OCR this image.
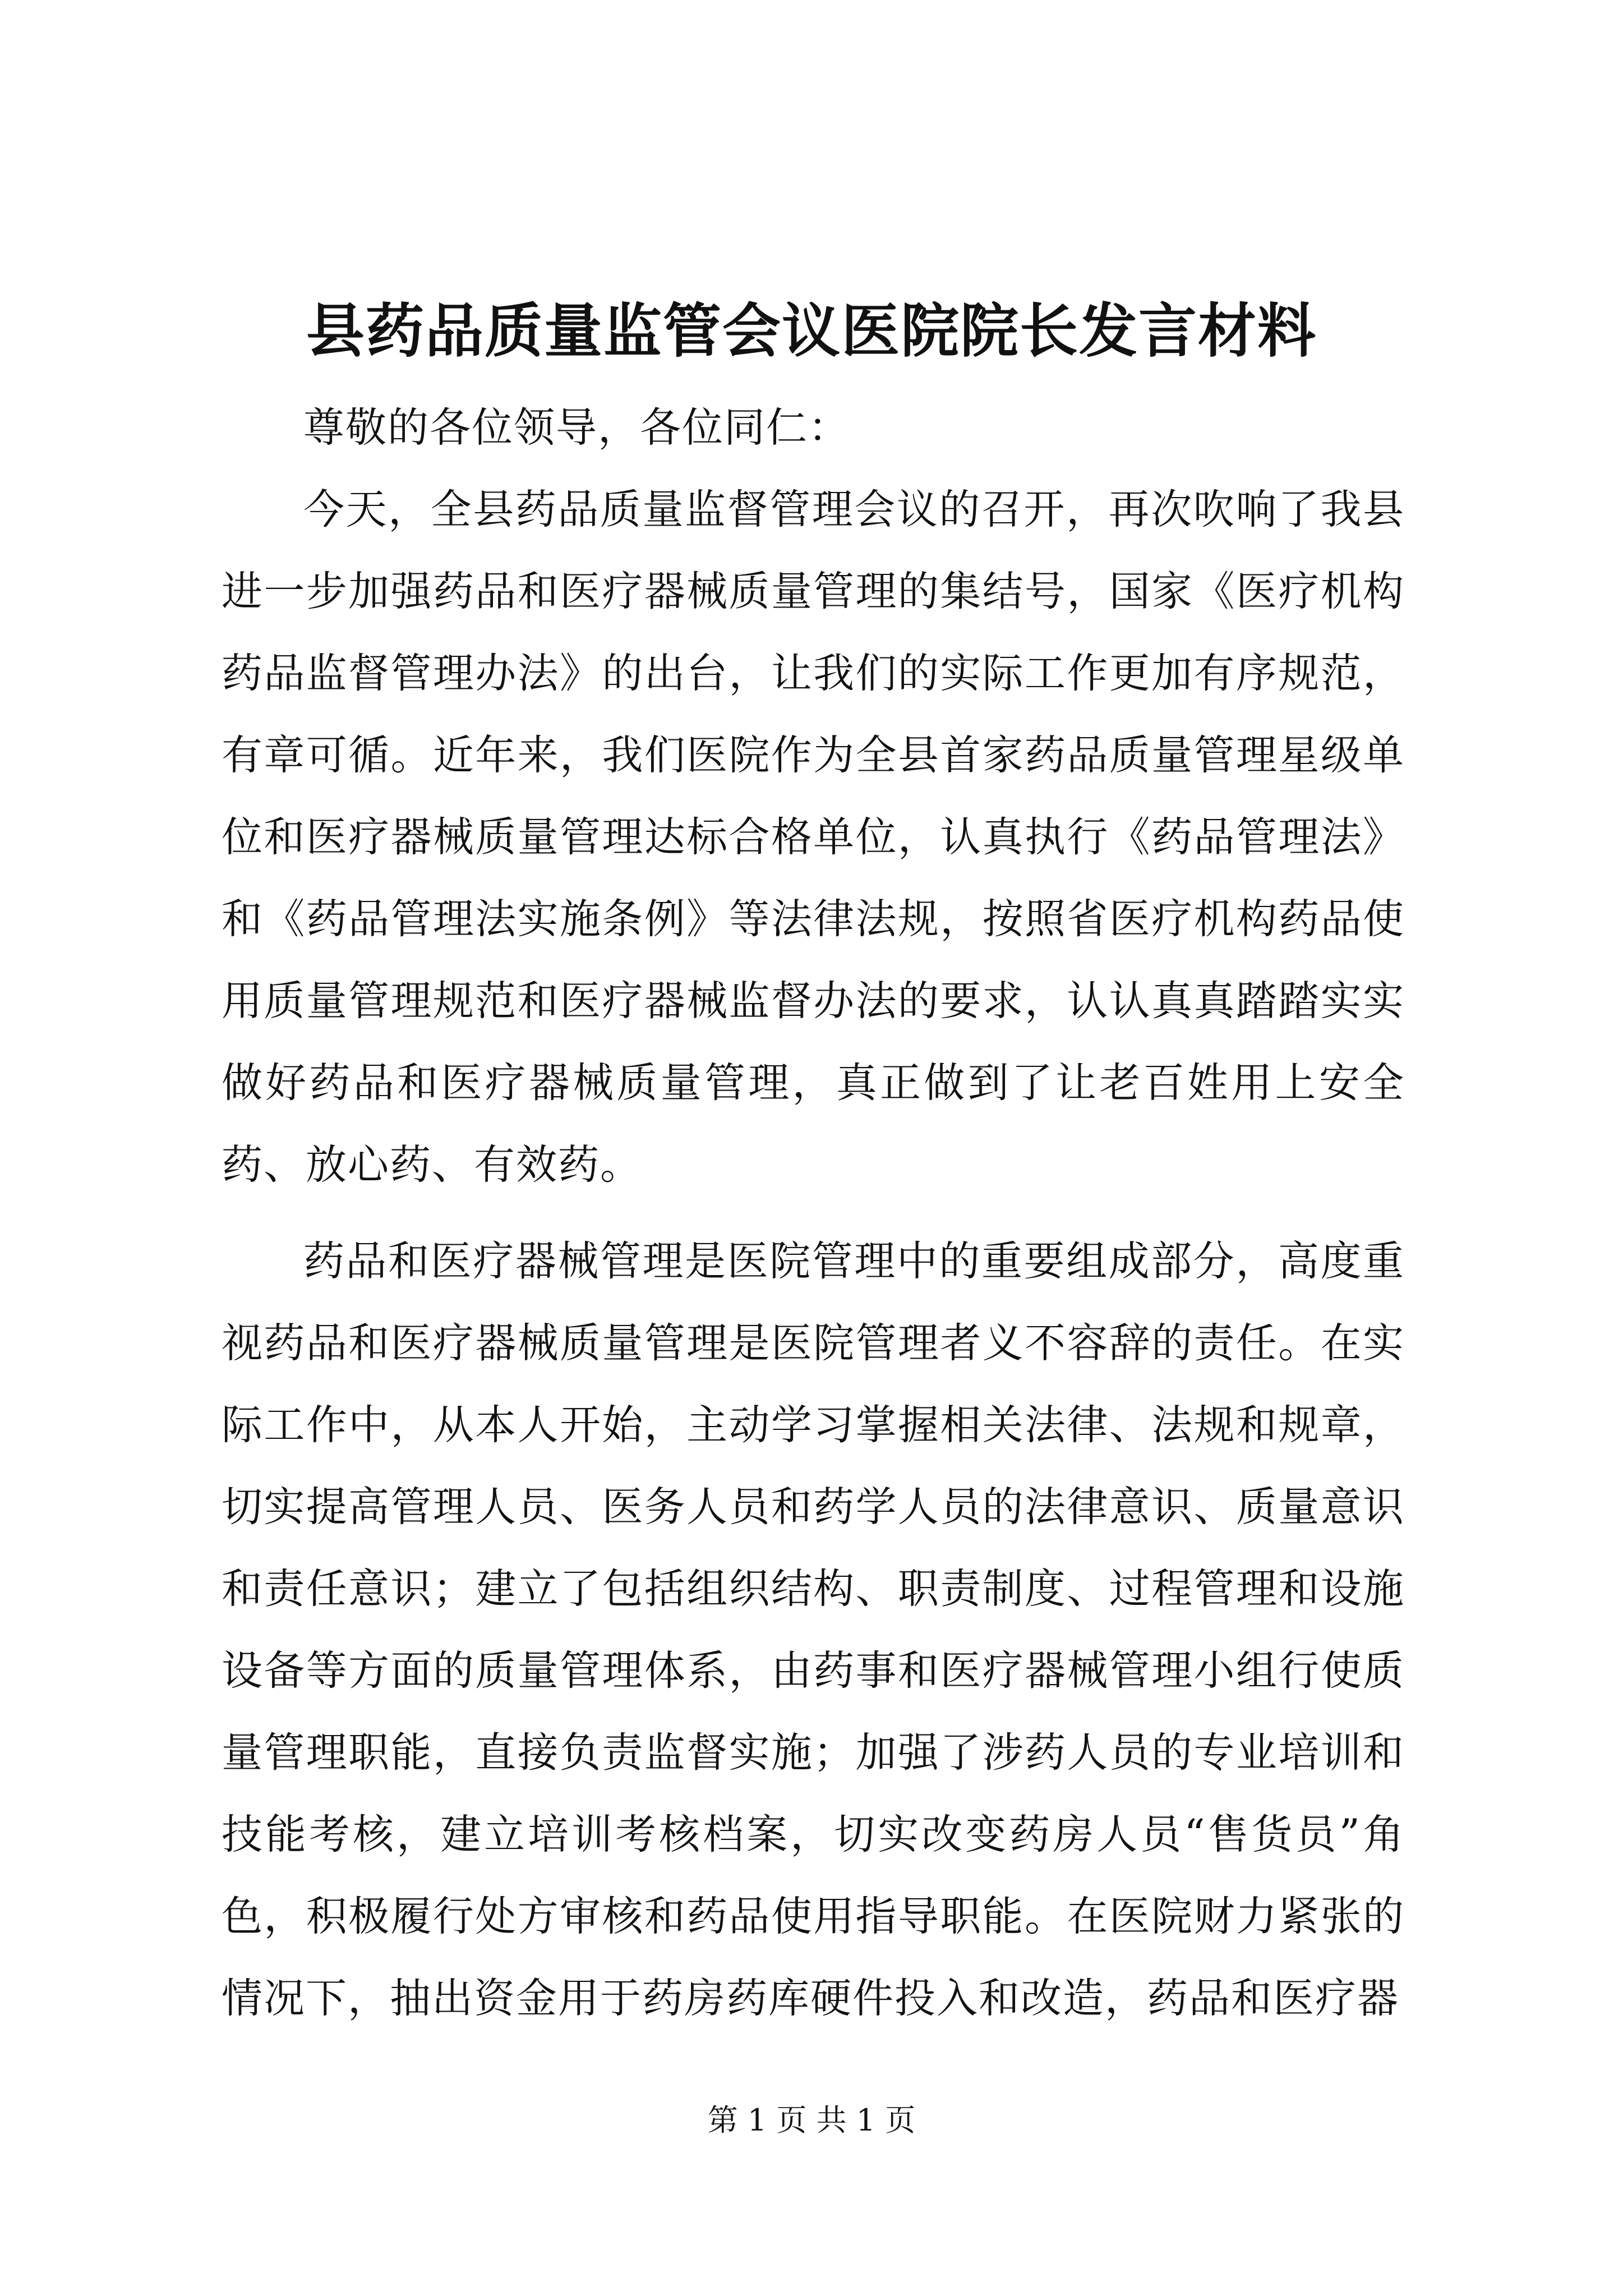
县药品质量监管会议医院院长发言材料

尊敬的各位领导，各位同仁：

今天，全县药品质量监督管理会议的召开，再次吹响了我县进一步加强药品和医疗器械质量管理的集结号，国家《医疗机构药品监督管理办法》的出台，让我们的实际工作更加有序规范，有章可循。近年来，我们医院作为全县首家药品质量管理星级单位和医疗器械质量管理达标合格单位，认真执行《药品管理法》和《药品管理法实施条例》等法律法规，按照省医疗机构药品使用质量管理规范和医疗器械监督办法的要求，认认真真踏踏实实做好药品和医疗器械质量管理，真正做到了让老百姓用上安全药、放心药、有效药。

药品和医疗器械管理是医院管理中的重要组成部分，高度重视药品和医疗器械质量管理是医院管理者义不容辞的责任。在实际工作中，从本人开始，主动学习掌握相关法律、法规和规章，切实提高管理人员、医务人员和药学人员的法律意识、质量意识和责任意识；建立了包括组织结构、职责制度、过程管理和设施设备等方面的质量管理体系，由药事和医疗器械管理小组行使质量管理职能，直接负责监督实施；加强了涉药人员的专业培训和技能考核，建立培训考核档案，切实改变药房人员“售货员”角色，积极履行处方审核和药品使用指导职能。在医院财力紧张的情况下，抽出资金用于药房药库硬件投入和改造，药品和医疗器

第 1 页 共 1 页
